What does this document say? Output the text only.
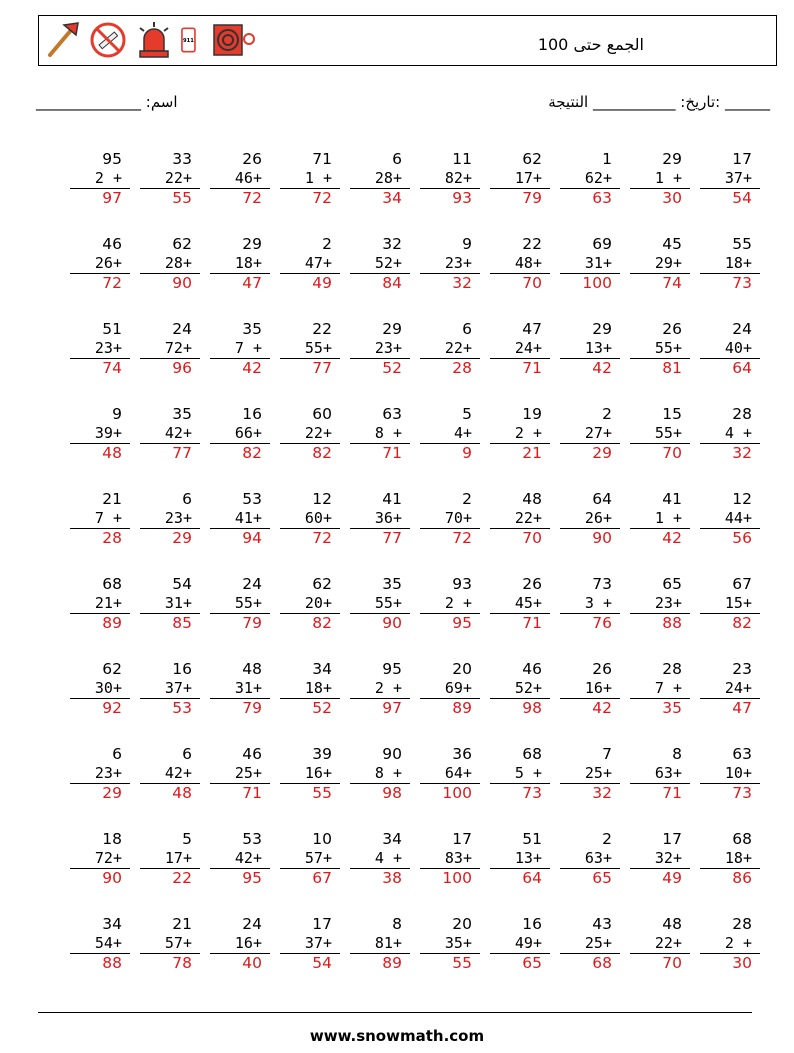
911	الجمع حتى 100
______ :تاريخ: ___________ النتيجة
اسم: ______________
17
+37
54
29
+ 1
30
1
+62
63
62
+17
79
11
+82
93
6
+28
34
71
+ 1
72
26
+46
72
33
+22
55
95
+ 2
97
55
+18
73
45
+29
74
69
+31
100
22
+48
70
9
+23
32
32
+52
84
2
+47
49
29
+18
47
62
+28
90
46
+26
72
24
+40
64
26
+55
81
29
+13
42
47
+24
71
6
+22
28
29
+23
52
22
+55
77
35
+ 7
42
24
+72
96
51
+23
74
28
+ 4
32
15
+55
70
2
+27
29
19
+ 2
21
5
+4
9
63
+ 8
71
60
+22
82
16
+66
82
35
+42
77
9
+39
48
12
+44
56
41
+ 1
42
64
+26
90
48
+22
70
2
+70
72
41
+36
77
12
+60
72
53
+41
94
6
+23
29
21
+ 7
28
67
+15
82
65
+23
88
73
+ 3
76
26
+45
71
93
+ 2
95
35
+55
90
62
+20
82
24
+55
79
54
+31
85
68
+21
89
23
+24
47
28
+ 7
35
26
+16
42
46
+52
98
20
+69
89
95
+ 2
97
34
+18
52
48
+31
79
16
+37
53
62
+30
92
63
+10
73
8
+63
71
7
+25
32
68
+ 5
73
36
+64
100
90
+ 8
98
39
+16
55
46
+25
71
6
+42
48
6
+23
29
68
+18
86
17
+32
49
2
+63
65
51
+13
64
17
+83
100
34
+ 4
38
10
+57
67
53
+42
95
5
+17
22
18
+72
90
28
+ 2
30
48
+22
70
43
+25
68
16
+49
65
20
+35
55
8
+81
89
17
+37
54
24
+16
40
21
+57
78
34
+54
88
www.snowmath.com
